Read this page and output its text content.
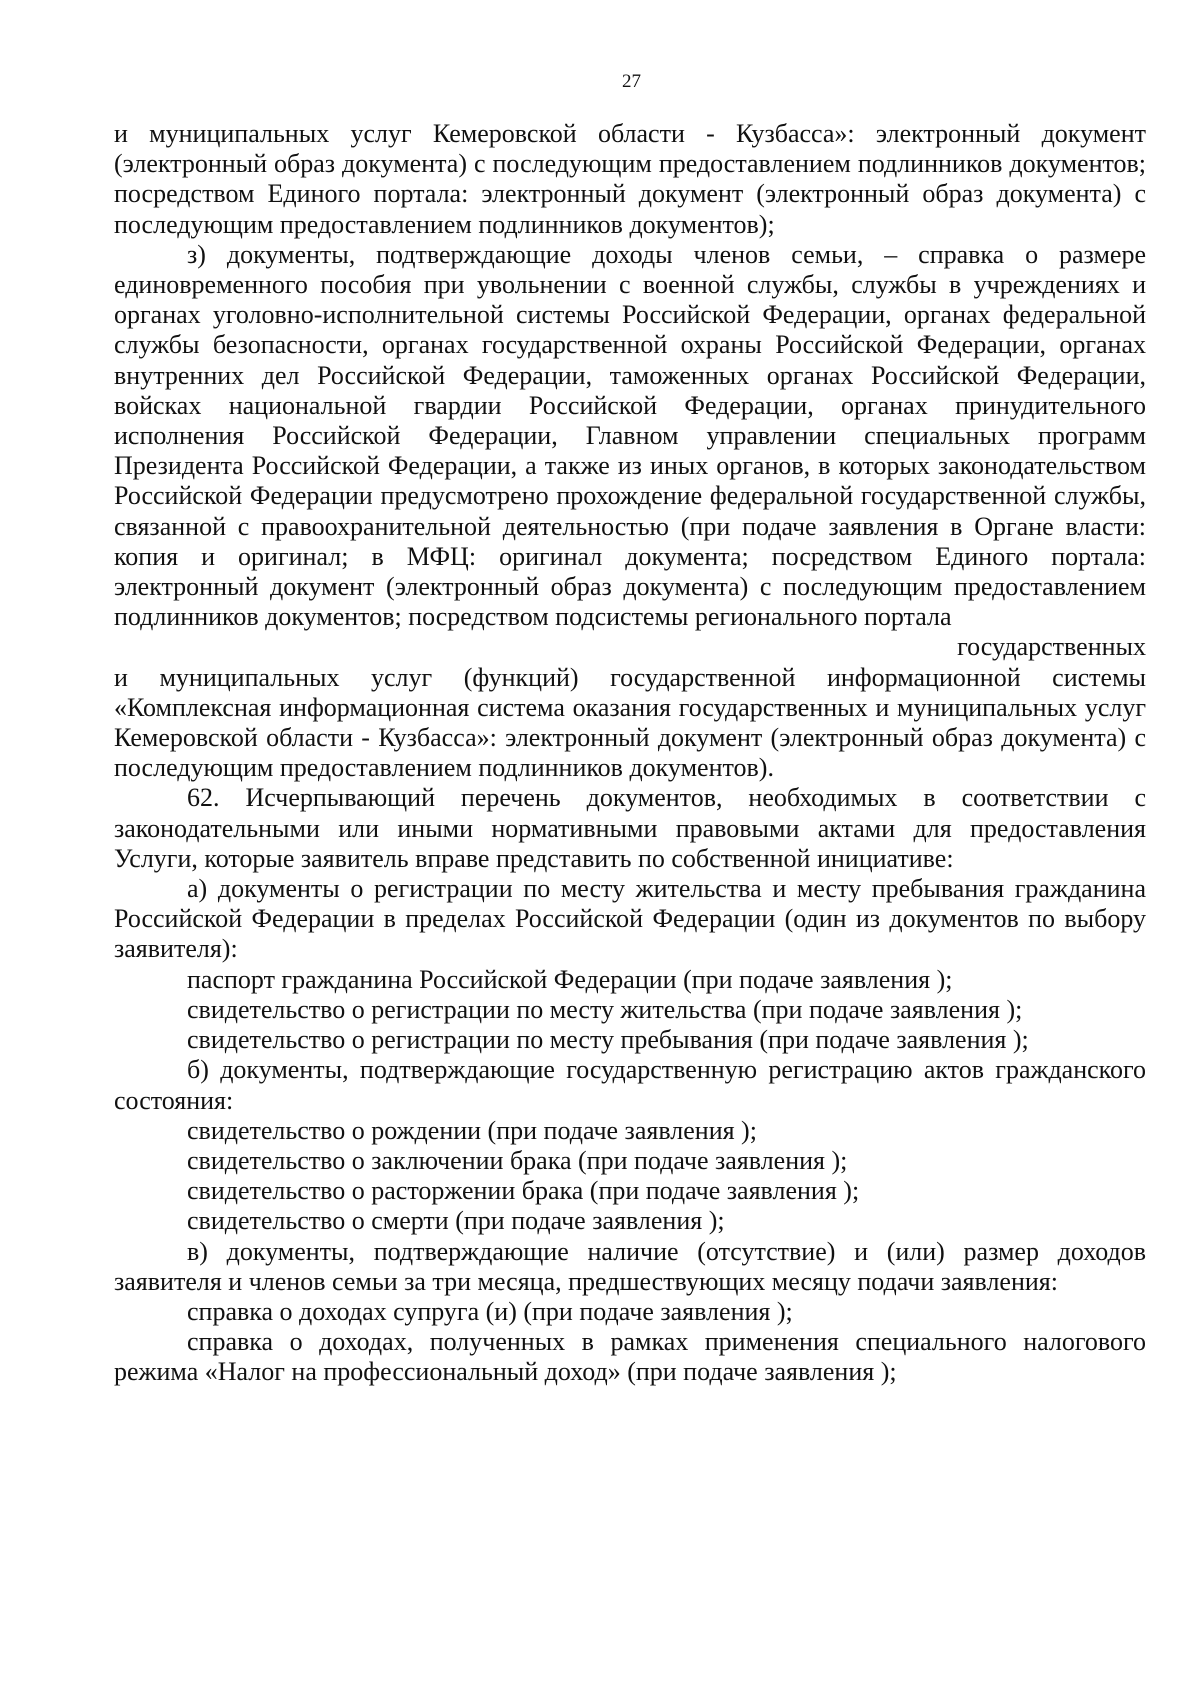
27

и муниципальных услуг Кемеровской области - Кузбасса»: электронный документ (электронный образ документа) с последующим предоставлением подлинников документов; посредством Единого портала: электронный документ (электронный образ документа) с последующим предоставлением подлинников документов);

з) документы, подтверждающие доходы членов семьи, – справка о размере единовременного пособия при увольнении с военной службы, службы в учреждениях и органах уголовно-исполнительной системы Российской Федерации, органах федеральной службы безопасности, органах государственной охраны Российской Федерации, органах внутренних дел Российской Федерации, таможенных органах Российской Федерации, войсках национальной гвардии Российской Федерации, органах принудительного исполнения Российской Федерации, Главном управлении специальных программ Президента Российской Федерации, а также из иных органов, в которых законодательством Российской Федерации предусмотрено прохождение федеральной государственной службы, связанной с правоохранительной деятельностью (при подаче заявления в Органе власти: копия и оригинал; в МФЦ: оригинал документа; посредством Единого портала: электронный документ (электронный образ документа) с последующим предоставлением подлинников документов; посредством подсистемы регионального портала

государственных

и муниципальных услуг (функций) государственной информационной системы «Комплексная информационная система оказания государственных и муниципальных услуг Кемеровской области - Кузбасса»: электронный документ (электронный образ документа) с последующим предоставлением подлинников документов).

62. Исчерпывающий перечень документов, необходимых в соответствии с законодательными или иными нормативными правовыми актами для предоставления Услуги, которые заявитель вправе представить по собственной инициативе:

а) документы о регистрации по месту жительства и месту пребывания гражданина Российской Федерации в пределах Российской Федерации (один из документов по выбору заявителя):

паспорт гражданина Российской Федерации (при подаче заявления );

свидетельство о регистрации по месту жительства (при подаче заявления );

свидетельство о регистрации по месту пребывания (при подаче заявления );

б) документы, подтверждающие государственную регистрацию актов гражданского состояния:

свидетельство о рождении (при подаче заявления );

свидетельство о заключении брака (при подаче заявления );

свидетельство о расторжении брака (при подаче заявления );

свидетельство о смерти (при подаче заявления );

в) документы, подтверждающие наличие (отсутствие) и (или) размер доходов заявителя и членов семьи за три месяца, предшествующих месяцу подачи заявления:

справка о доходах супруга (и) (при подаче заявления );

справка о доходах, полученных в рамках применения специального налогового режима «Налог на профессиональный доход» (при подаче заявления );
